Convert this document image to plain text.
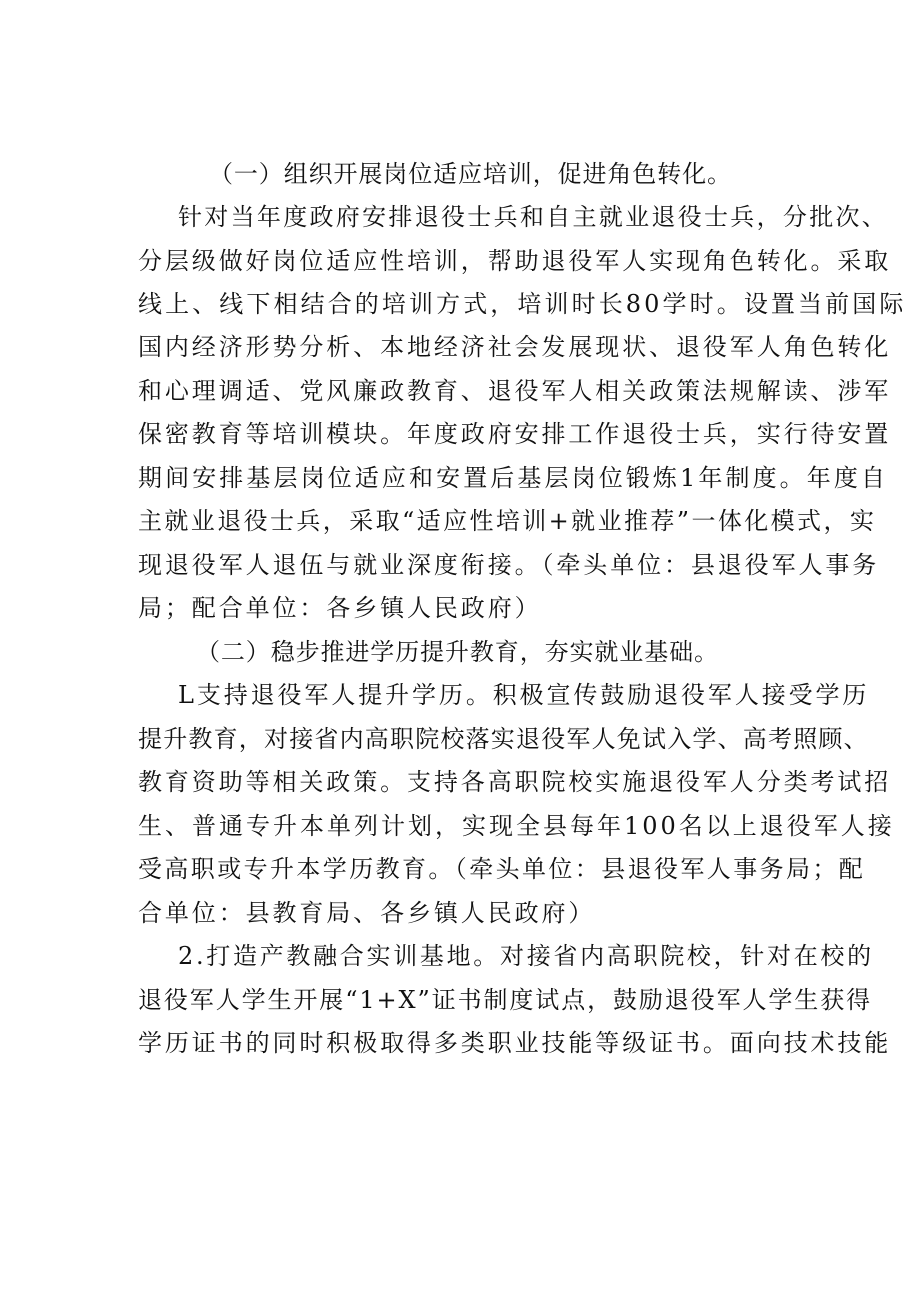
（一）组织开展岗位适应培训，促进角色转化。

针对当年度政府安排退役士兵和自主就业退役士兵，分批次、

分层级做好岗位适应性培训，帮助退役军人实现角色转化。采取

线上、线下相结合的培训方式，培训时长80学时。设置当前国际

国内经济形势分析、本地经济社会发展现状、退役军人角色转化

和心理调适、党风廉政教育、退役军人相关政策法规解读、涉军

保密教育等培训模块。年度政府安排工作退役士兵，实行待安置

期间安排基层岗位适应和安置后基层岗位锻炼1年制度。年度自

主就业退役士兵，采取“适应性培训+就业推荐”一体化模式，实

现退役军人退伍与就业深度衔接。（牵头单位：县退役军人事务

局；配合单位：各乡镇人民政府）

（二）稳步推进学历提升教育，夯实就业基础。

L支持退役军人提升学历。积极宣传鼓励退役军人接受学历

提升教育，对接省内高职院校落实退役军人免试入学、高考照顾、

教育资助等相关政策。支持各高职院校实施退役军人分类考试招

生、普通专升本单列计划，实现全县每年100名以上退役军人接

受高职或专升本学历教育。（牵头单位：县退役军人事务局；配

合单位：县教育局、各乡镇人民政府）

2.打造产教融合实训基地。对接省内高职院校，针对在校的

退役军人学生开展“1+X”证书制度试点，鼓励退役军人学生获得

学历证书的同时积极取得多类职业技能等级证书。面向技术技能
